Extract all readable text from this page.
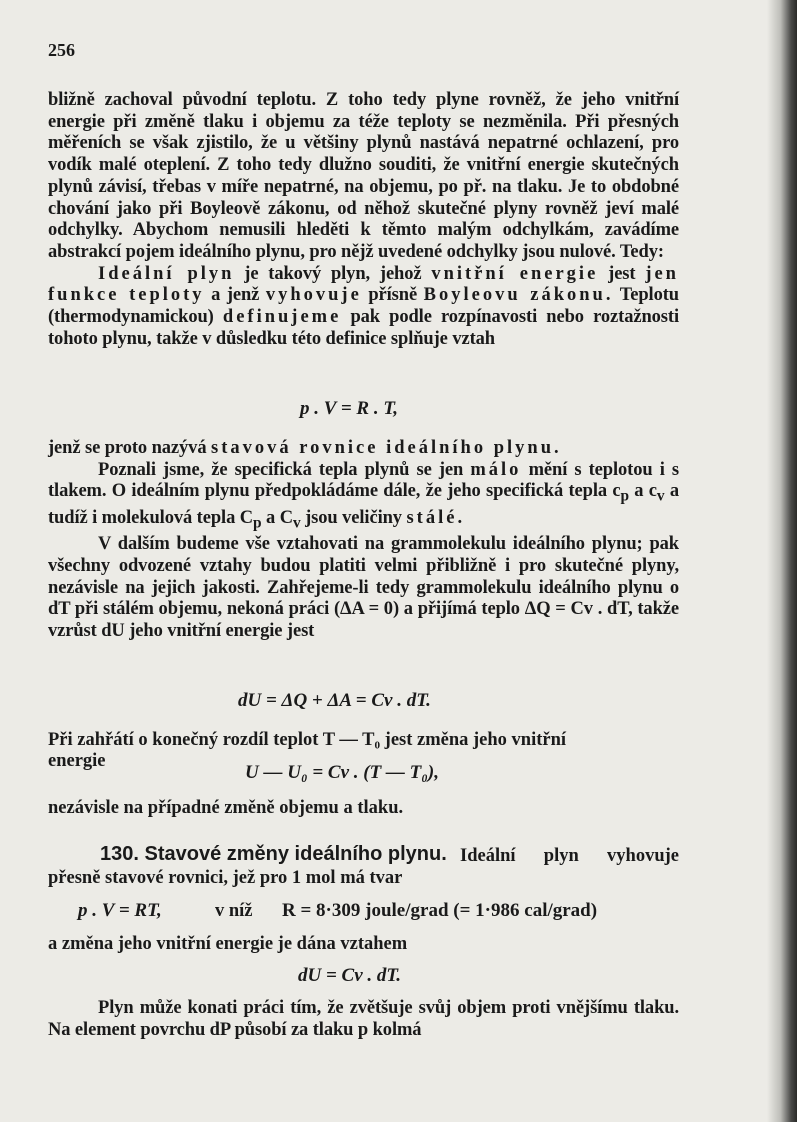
256

bližně zachoval původní teplotu. Z toho tedy plyne rovněž, že jeho vnitřní energie při změně tlaku i objemu za téže teploty se nezměnila. Při přesných měřeních se však zjistilo, že u většiny plynů nastává nepatrné ochlazení, pro vodík malé oteplení. Z toho tedy dlužno souditi, že vnitřní energie skutečných plynů závisí, třebas v míře nepatrné, na objemu, po př. na tlaku. Je to obdobné chování jako při Boyleově zákonu, od něhož skutečné plyny rovněž jeví malé odchylky. Abychom nemusili hleděti k těmto malým odchylkám, zavádíme abstrakcí pojem ideálního plynu, pro nějž uvedené odchylky jsou nulové. Tedy:

Ideální plyn je takový plyn, jehož vnitřní energie jest jen funkce teploty a jenž vyhovuje přísně Boyleovu zákonu. Teplotu (thermodynamickou) definujeme pak podle rozpínavosti nebo roztažnosti tohoto plynu, takže v důsledku této definice splňuje vztah

p . V = R . T,

jenž se proto nazývá stavová rovnice ideálního plynu.

Poznali jsme, že specifická tepla plynů se jen málo mění s teplotou i s tlakem. O ideálním plynu předpokládáme dále, že jeho specifická tepla $c_p$ a $c_v$ a tudíž i molekulová tepla $C_p$ a $C_v$ jsou veličiny stálé.

V dalším budeme vše vztahovati na grammolekulu ideálního plynu; pak všechny odvozené vztahy budou platiti velmi přibližně i pro skutečné plyny, nezávisle na jejich jakosti. Zahřejeme-li tedy grammolekulu ideálního plynu o dT při stálém objemu, nekoná práci (ΔA = 0) a přijímá teplo ΔQ = Cv . dT, takže vzrůst dU jeho vnitřní energie jest

dU = ΔQ + ΔA = Cv . dT.
Při zahřátí o konečný rozdíl teplot T — T₀ jest změna jeho vnitřní
energie
U — U₀ = Cv . (T — T₀),
nezávisle na případné změně objemu a tlaku.
130. Stavové změny ideálního plynu. Ideální plyn vyhovuje přesně stavové rovnici, jež pro 1 mol má tvar
p . V = RT,	v níž R = 8·309 joule/grad (= 1·986 cal/grad)
a změna jeho vnitřní energie je dána vztahem
dU = Cv . dT.

Plyn může konati práci tím, že zvětšuje svůj objem proti vnějšímu tlaku. Na element povrchu dP působí za tlaku p kolmá
